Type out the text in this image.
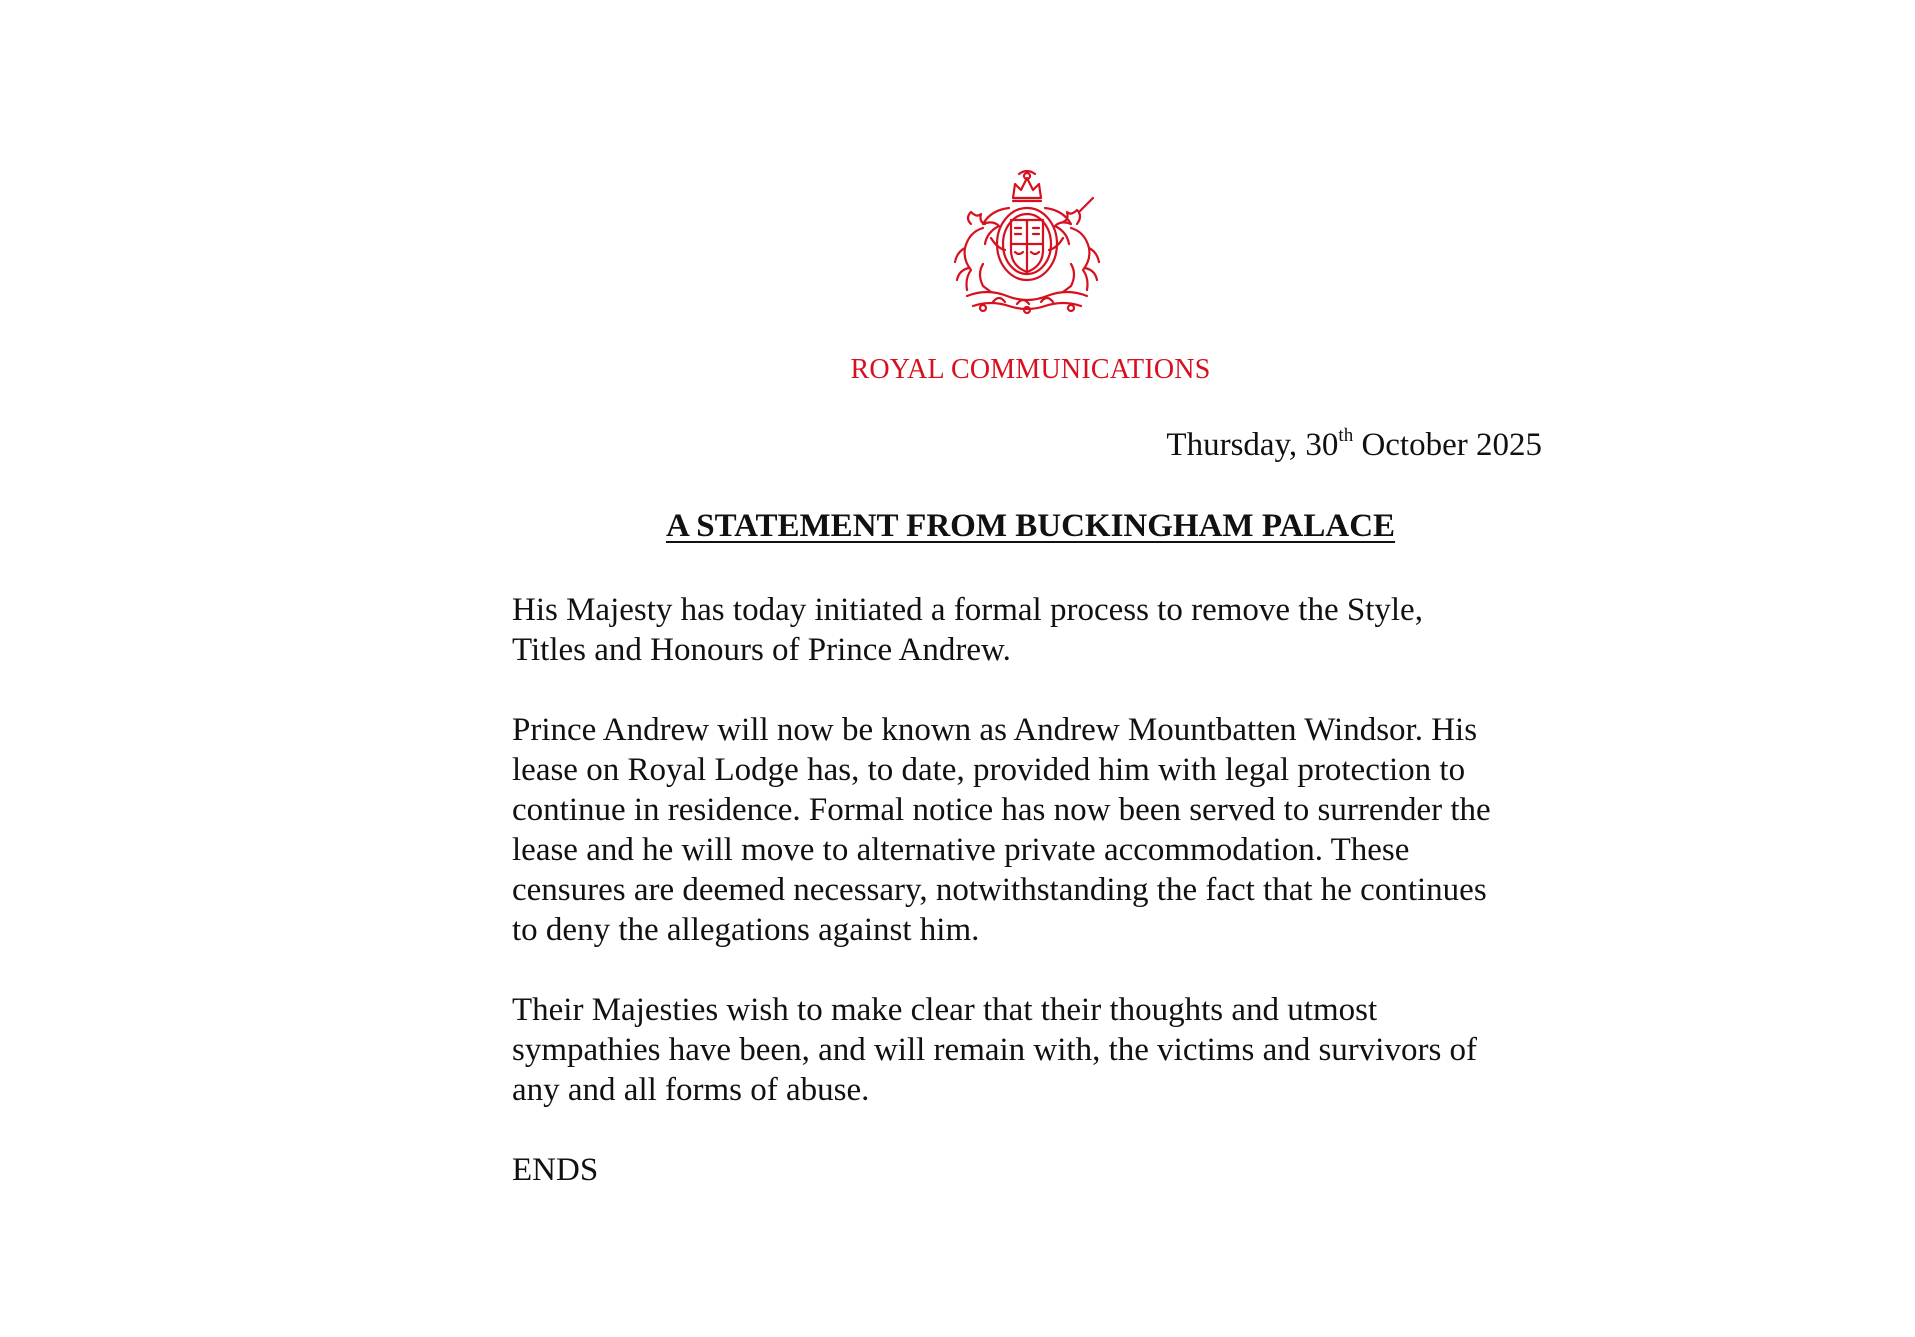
ROYAL COMMUNICATIONS
Thursday, 30th October 2025
A STATEMENT FROM BUCKINGHAM PALACE

His Majesty has today initiated a formal process to remove the Style,
Titles and Honours of Prince Andrew.

Prince Andrew will now be known as Andrew Mountbatten Windsor. His
lease on Royal Lodge has, to date, provided him with legal protection to
continue in residence. Formal notice has now been served to surrender the
lease and he will move to alternative private accommodation. These
censures are deemed necessary, notwithstanding the fact that he continues
to deny the allegations against him.

Their Majesties wish to make clear that their thoughts and utmost
sympathies have been, and will remain with, the victims and survivors of
any and all forms of abuse.

ENDS
